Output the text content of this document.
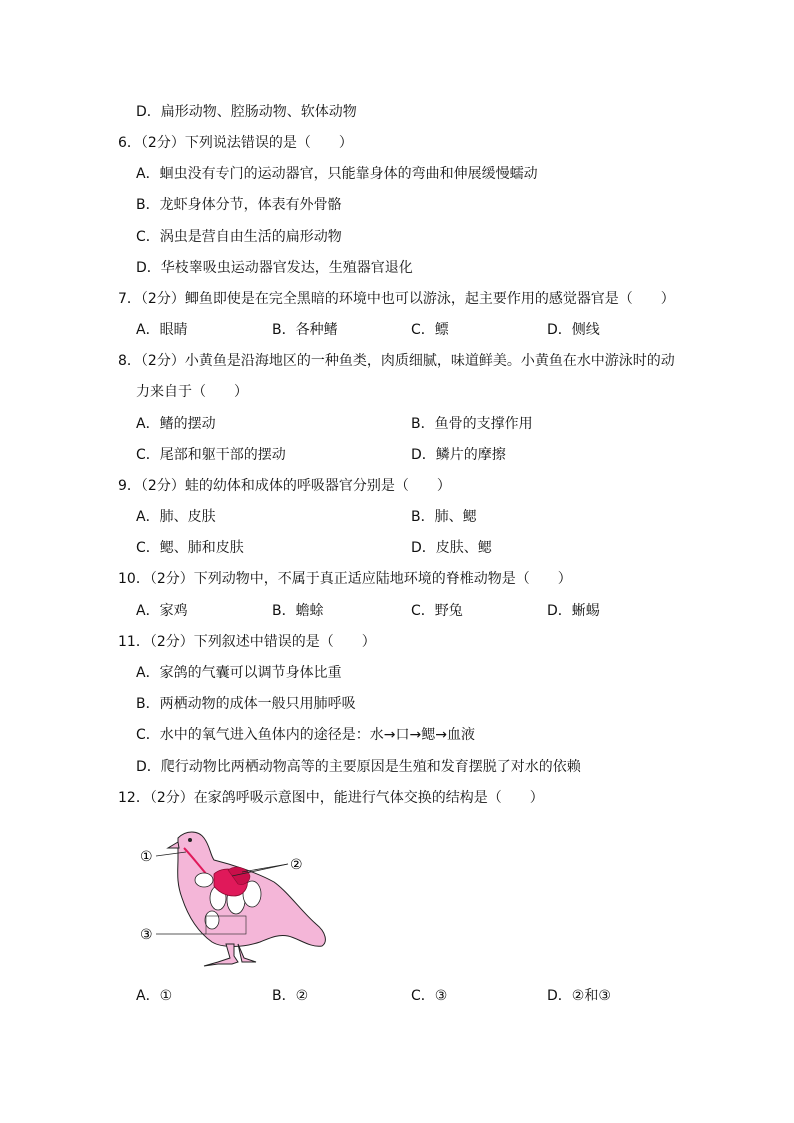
D．扁形动物、腔肠动物、软体动物
6．（2分）下列说法错误的是（　　）
A．蛔虫没有专门的运动器官，只能靠身体的弯曲和伸展缓慢蠕动
B．龙虾身体分节，体表有外骨骼
C．涡虫是营自由生活的扁形动物
D．华枝睾吸虫运动器官发达，生殖器官退化
7．（2分）鲫鱼即使是在完全黑暗的环境中也可以游泳，起主要作用的感觉器官是（　　）
A．眼睛	B．各种鳍	C．鳔	D．侧线
8．（2分）小黄鱼是沿海地区的一种鱼类，肉质细腻，味道鲜美。小黄鱼在水中游泳时的动
力来自于（　　）
A．鳍的摆动	B．鱼骨的支撑作用
C．尾部和躯干部的摆动	D．鳞片的摩擦
9．（2分）蛙的幼体和成体的呼吸器官分别是（　　）
A．肺、皮肤	B．肺、鳃
C．鳃、肺和皮肤	D．皮肤、鳃
10．（2分）下列动物中，不属于真正适应陆地环境的脊椎动物是（　　）
A．家鸡	B．蟾蜍	C．野兔	D．蜥蜴
11．（2分）下列叙述中错误的是（　　）
A．家鸽的气囊可以调节身体比重
B．两栖动物的成体一般只用肺呼吸
C．水中的氧气进入鱼体内的途径是：水→口→鳃→血液
D．爬行动物比两栖动物高等的主要原因是生殖和发育摆脱了对水的依赖
12．（2分）在家鸽呼吸示意图中，能进行气体交换的结构是（　　）
①	②
③
A．①	B．②	C．③	D．②和③
